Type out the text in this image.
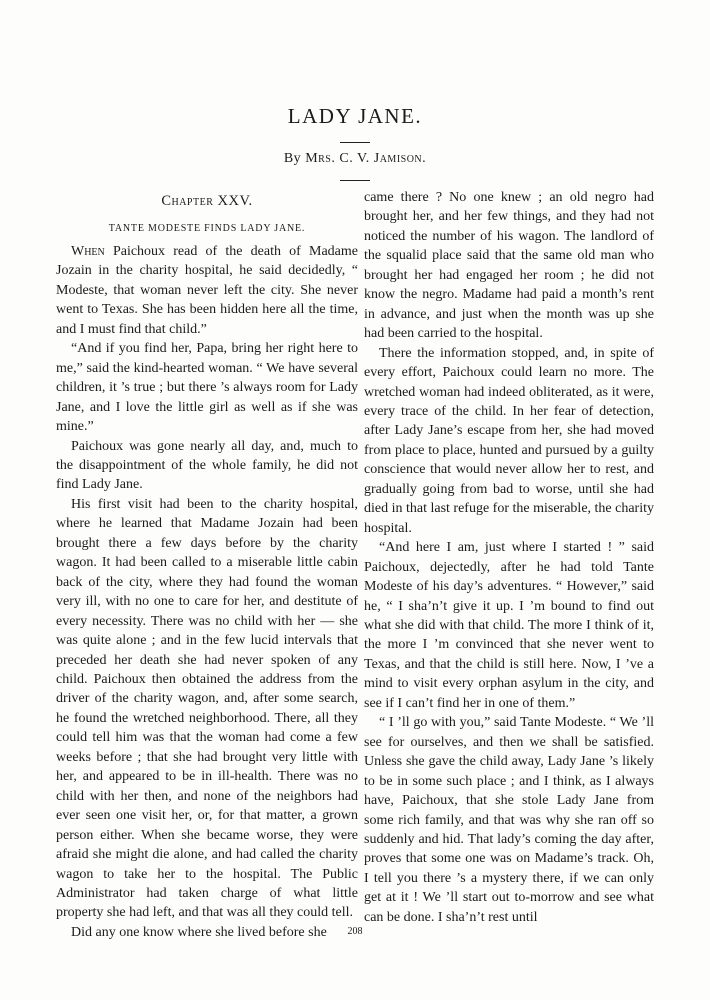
LADY JANE.
By Mrs. C. V. Jamison.

Chapter XXV.

TANTE MODESTE FINDS LADY JANE.

When Paichoux read of the death of Madame Jozain in the charity hospital, he said decidedly, “ Modeste, that woman never left the city. She never went to Texas. She has been hidden here all the time, and I must find that child.”

“And if you find her, Papa, bring her right here to me,” said the kind-hearted woman. “ We have several children, it ’s true ; but there ’s always room for Lady Jane, and I love the little girl as well as if she was mine.”

Paichoux was gone nearly all day, and, much to the disappointment of the whole family, he did not find Lady Jane.

His first visit had been to the charity hospital, where he learned that Madame Jozain had been brought there a few days before by the charity wagon. It had been called to a miserable little cabin back of the city, where they had found the woman very ill, with no one to care for her, and destitute of every necessity. There was no child with her — she was quite alone ; and in the few lucid intervals that preceded her death she had never spoken of any child. Paichoux then obtained the address from the driver of the charity wagon, and, after some search, he found the wretched neighborhood. There, all they could tell him was that the woman had come a few weeks before ; that she had brought very little with her, and appeared to be in ill-health. There was no child with her then, and none of the neighbors had ever seen one visit her, or, for that matter, a grown person either. When she became worse, they were afraid she might die alone, and had called the charity wagon to take her to the hospital. The Public Administrator had taken charge of what little property she had left, and that was all they could tell.

Did any one know where she lived before she

came there ? No one knew ; an old negro had brought her, and her few things, and they had not noticed the number of his wagon. The landlord of the squalid place said that the same old man who brought her had engaged her room ; he did not know the negro. Madame had paid a month’s rent in advance, and just when the month was up she had been carried to the hospital.

There the information stopped, and, in spite of every effort, Paichoux could learn no more. The wretched woman had indeed obliterated, as it were, every trace of the child. In her fear of detection, after Lady Jane’s escape from her, she had moved from place to place, hunted and pursued by a guilty conscience that would never allow her to rest, and gradually going from bad to worse, until she had died in that last refuge for the miserable, the charity hospital.

“And here I am, just where I started ! ” said Paichoux, dejectedly, after he had told Tante Modeste of his day’s adventures. “ However,” said he, “ I sha’n’t give it up. I ’m bound to find out what she did with that child. The more I think of it, the more I ’m convinced that she never went to Texas, and that the child is still here. Now, I ’ve a mind to visit every orphan asylum in the city, and see if I can’t find her in one of them.”

“ I ’ll go with you,” said Tante Modeste. “ We ’ll see for ourselves, and then we shall be satisfied. Unless she gave the child away, Lady Jane ’s likely to be in some such place ; and I think, as I always have, Paichoux, that she stole Lady Jane from some rich family, and that was why she ran off so suddenly and hid. That lady’s coming the day after, proves that some one was on Madame’s track. Oh, I tell you there ’s a mystery there, if we can only get at it ! We ’ll start out to-morrow and see what can be done. I sha’n’t rest until

208
